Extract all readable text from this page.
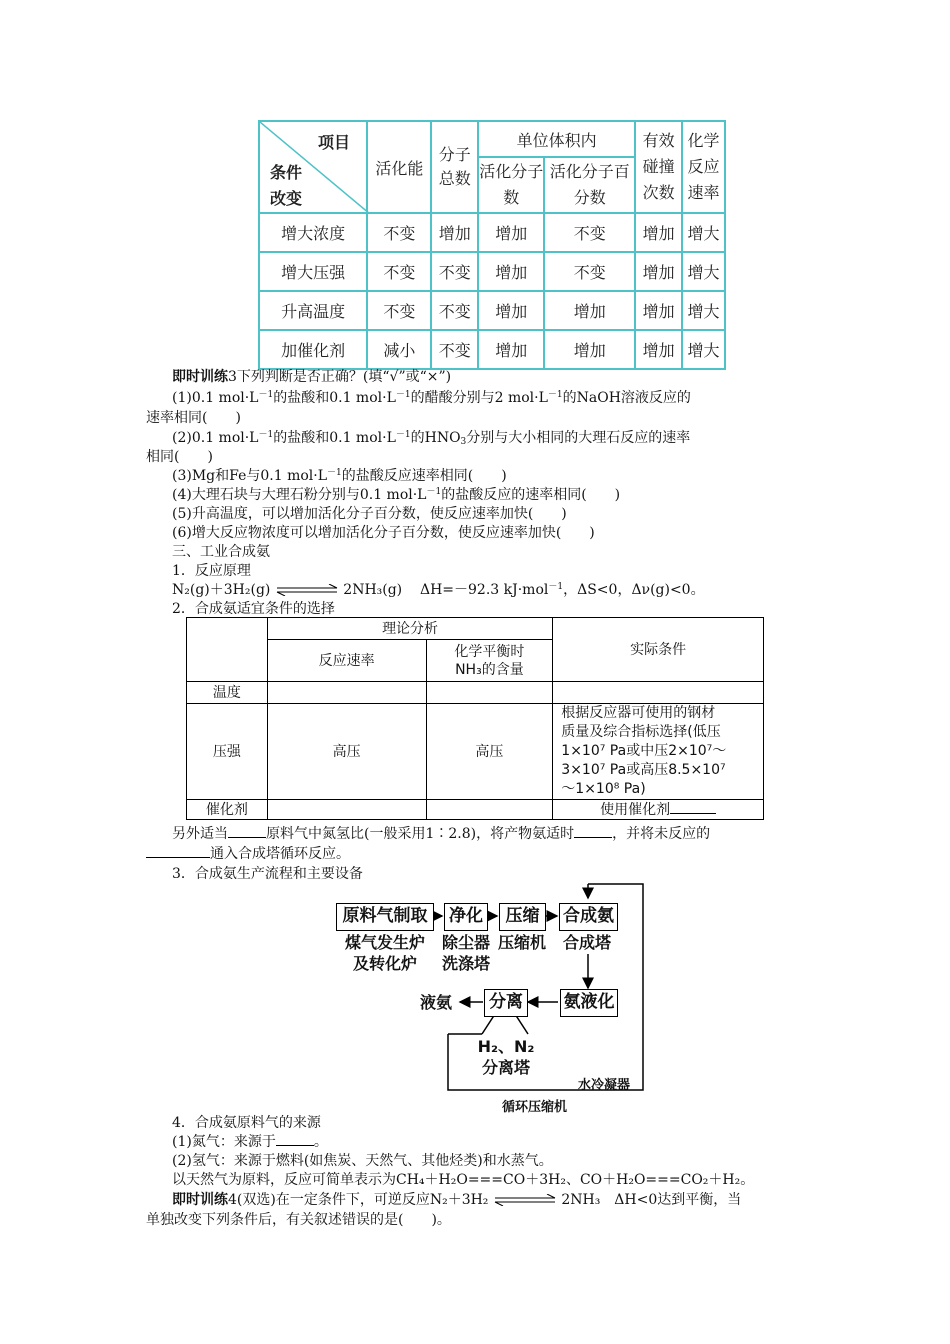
项目
条件
改变	活化能	分子总数	单位体积内		有效碰撞次数	化学反应速率
			活化分子数	活化分子百分数		
增大浓度	不变	增加	增加	不变	增加	增大
增大压强	不变	不变	增加	不变	增加	增大
升高温度	不变	不变	增加	增加	增加	增大
加催化剂	减小	不变	增加	增加	增加	增大
即时训练3下列判断是否正确？(填“√”或“×”)
(1)0.1 $mol\cdot L^{-1}$的盐酸和0.1 $mol\cdot L^{-1}$的醋酸分别与2 $mol\cdot L^{-1}$的NaOH溶液反应的
速率相同(　　)
(2)0.1 $mol\cdot L^{-1}$的盐酸和0.1 $mol\cdot L^{-1}$的$HNO_3$分别与大小相同的大理石反应的速率
相同(　　)
(3)Mg和Fe与0.1 $mol\cdot L^{-1}$的盐酸反应速率相同(　　)
(4)大理石块与大理石粉分别与0.1 $mol\cdot L^{-1}$的盐酸反应的速率相同(　　)
(5)升高温度，可以增加活化分子百分数，使反应速率加快(　　)
(6)增大反应物浓度可以增加活化分子百分数，使反应速率加快(　　)
三、工业合成氨
1．反应原理
N₂(g)＋3H₂(g)	2NH₃(g) ΔH=－92.3 kJ·mol$^{-1}$，ΔS<0，Δν(g)<0。
2．合成氨适宜条件的选择
	理论分析		实际条件
	反应速率	化学平衡时
NH₃的含量	
温度			
压强	高压	高压	根据反应器可使用的钢材
质量及综合指标选择(低压
1×10⁷ Pa或中压2×10⁷～
3×10⁷ Pa或高压8.5×10⁷
～1×10⁸ Pa)
催化剂			使用催化剂
另外适当	原料气中氮氢比(一般采用1∶2.8)，将产物氨适时	，并将未反应的
通入合成塔循环反应。
3．合成氨生产流程和主要设备
原料气制取	净化	压缩	合成氨
氨液化
分离
煤气发生炉
及转化炉
除尘器
洗涤塔
压缩机	合成塔
液氨
H₂、N₂
分离塔
水冷凝器
循环压缩机
4．合成氨原料气的来源
(1)氮气：来源于	。
(2)氢气：来源于燃料(如焦炭、天然气、其他烃类)和水蒸气。
以天然气为原料，反应可简单表示为CH₄＋H₂O===CO＋3H₂、CO＋H₂O===CO₂＋H₂。
即时训练4(双选)在一定条件下，可逆反应N₂＋3H₂	2NH₃　ΔH<0达到平衡，当
单独改变下列条件后，有关叙述错误的是(　　)。
